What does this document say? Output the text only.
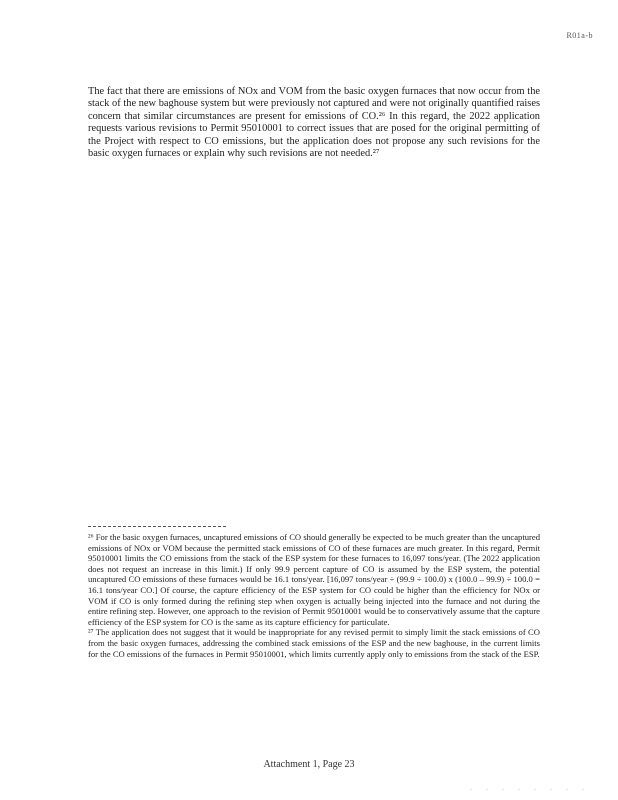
R01a-b

The fact that there are emissions of NOx and VOM from the basic oxygen furnaces that now occur from the stack of the new baghouse system but were previously not captured and were not originally quantified raises concern that similar circumstances are present for emissions of CO.²⁶ In this regard, the 2022 application requests various revisions to Permit 95010001 to correct issues that are posed for the original permitting of the Project with respect to CO emissions, but the application does not propose any such revisions for the basic oxygen furnaces or explain why such revisions are not needed.²⁷

²⁶ For the basic oxygen furnaces, uncaptured emissions of CO should generally be expected to be much greater than the uncaptured emissions of NOx or VOM because the permitted stack emissions of CO of these furnaces are much greater. In this regard, Permit 95010001 limits the CO emissions from the stack of the ESP system for these furnaces to 16,097 tons/year. (The 2022 application does not request an increase in this limit.) If only 99.9 percent capture of CO is assumed by the ESP system, the potential uncaptured CO emissions of these furnaces would be 16.1 tons/year. [16,097 tons/year ÷ (99.9 ÷ 100.0) x (100.0 – 99.9) ÷ 100.0 = 16.1 tons/year CO.] Of course, the capture efficiency of the ESP system for CO could be higher than the efficiency for NOx or VOM if CO is only formed during the refining step when oxygen is actually being injected into the furnace and not during the entire refining step. However, one approach to the revision of Permit 95010001 would be to conservatively assume that the capture efficiency of the ESP system for CO is the same as its capture efficiency for particulate.

²⁷ The application does not suggest that it would be inappropriate for any revised permit to simply limit the stack emissions of CO from the basic oxygen furnaces, addressing the combined stack emissions of the ESP and the new baghouse, in the current limits for the CO emissions of the furnaces in Permit 95010001, which limits currently apply only to emissions from the stack of the ESP.

Attachment 1, Page 23
. . . . . . . .
